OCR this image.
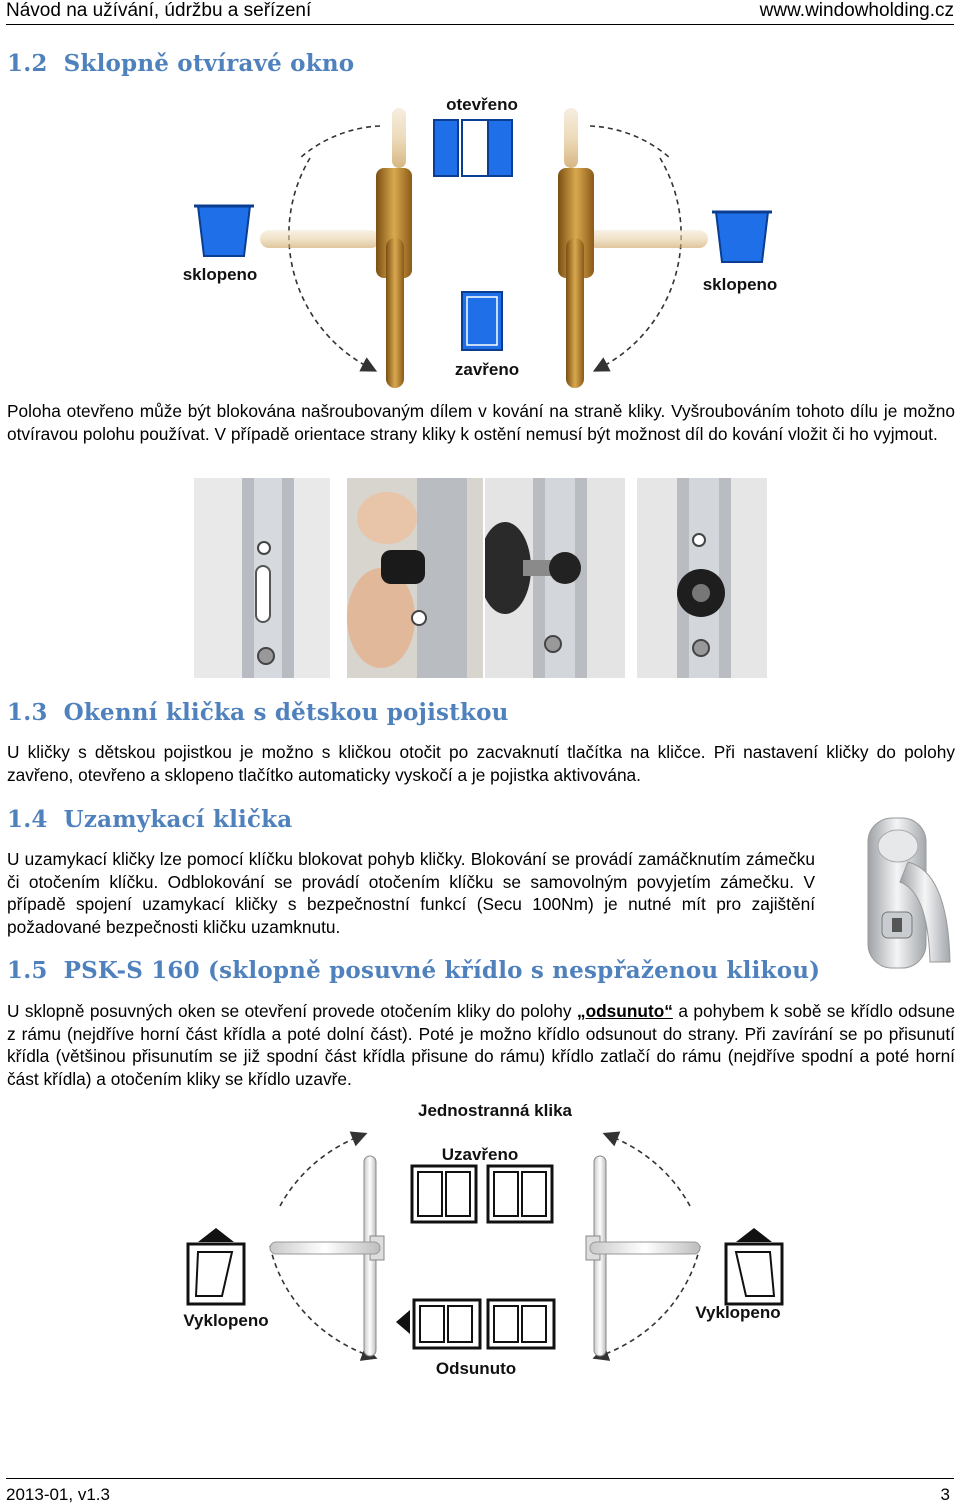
Návod na užívání, údržbu a seřízení	www.windowholding.cz
1.2 Sklopně otvíravé okno
otevřeno
sklopeno
sklopeno
zavřeno
Poloha otevřeno může být blokována našroubovaným dílem v kování na straně kliky. Vyšroubováním tohoto dílu je možno otvíravou polohu používat. V případě orientace strany kliky k ostění nemusí být možnost díl do kování vložit či ho vyjmout.
1.3 Okenní klička s dětskou pojistkou
U kličky s dětskou pojistkou je možno s kličkou otočit po zacvaknutí tlačítka na kličce. Při nastavení kličky do polohy zavřeno, otevřeno a sklopeno tlačítko automaticky vyskočí a je pojistka aktivována.
1.4 Uzamykací klička
U uzamykací kličky lze pomocí klíčku blokovat pohyb kličky. Blokování se provádí zamáčknutím zámečku či otočením klíčku. Odblokování se provádí otočením klíčku se samovolným povyjetím zámečku. V případě spojení uzamykací kličky s bezpečnostní funkcí (Secu 100Nm) je nutné mít pro zajištění požadované bezpečnosti kličku uzamknutu.
1.5 PSK-S 160 (sklopně posuvné křídlo s nespřaženou klikou)
U sklopně posuvných oken se otevření provede otočením kliky do polohy „odsunuto“ a pohybem k sobě se křídlo odsune z rámu (nejdříve horní část křídla a poté dolní část). Poté je možno křídlo odsunout do strany. Při zavírání se po přisunutí křídla (většinou přisunutím se již spodní část křídla přisune do rámu) křídlo zatlačí do rámu (nejdříve spodní a poté horní část křídla) a otočením kliky se křídlo uzavře.
Jednostranná klika
Uzavřeno
Vyklopeno	Vyklopeno
Odsunuto
2013-01, v1.3	3
